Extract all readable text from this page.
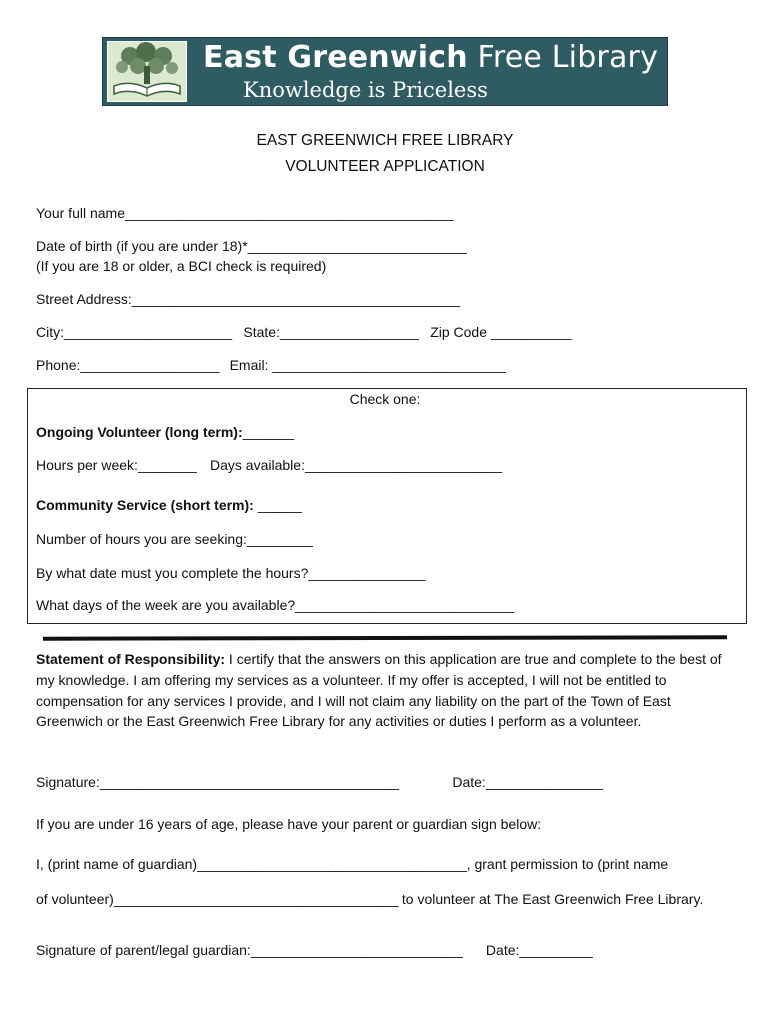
East Greenwich Free Library
Knowledge is Priceless
EAST GREENWICH FREE LIBRARY
VOLUNTEER APPLICATION
Your full name_____________________________________________
Date of birth (if you are under 18)*______________________________
(If you are 18 or older, a BCI check is required)
Street Address:_____________________________________________
City:_______________________ State:___________________ Zip Code ___________
Phone:___________________ Email: ________________________________
Check one:
Ongoing Volunteer (long term):_______
Hours per week:________ Days available:___________________________
Community Service (short term): ______
Number of hours you are seeking:_________
By what date must you complete the hours?________________
What days of the week are you available?______________________________
Statement of Responsibility: I certify that the answers on this application are true and complete to the best of my knowledge. I am offering my services as a volunteer. If my offer is accepted, I will not be entitled to compensation for any services I provide, and I will not claim any liability on the part of the Town of East Greenwich or the East Greenwich Free Library for any activities or duties I perform as a volunteer.
Signature:_________________________________________	Date:________________
If you are under 16 years of age, please have your parent or guardian sign below:
I, (print name of guardian)_____________________________________, grant permission to (print name
of volunteer)_______________________________________ to volunteer at The East Greenwich Free Library.
Signature of parent/legal guardian:_____________________________ Date:__________
